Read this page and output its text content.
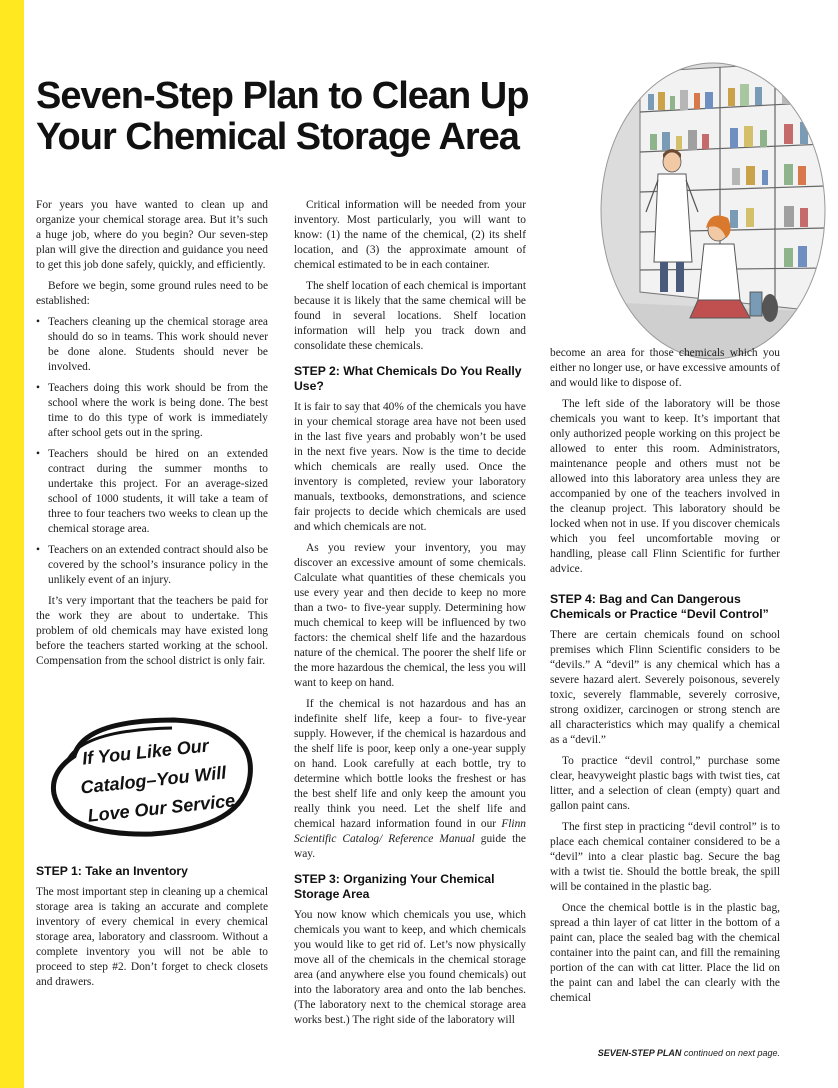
Seven-Step Plan to Clean Up
Your Chemical Storage Area

For years you have wanted to clean up and organize your chemical storage area. But it’s such a huge job, where do you begin? Our seven-step plan will give the direction and guidance you need to get this job done safely, quickly, and efficiently.

Before we begin, some ground rules need to be established:

• Teachers cleaning up the chemical storage area should do so in teams. This work should never be done alone. Students should never be involved.
• Teachers doing this work should be from the school where the work is being done. The best time to do this type of work is immediately after school gets out in the spring.
• Teachers should be hired on an extended contract during the summer months to undertake this project. For an average-sized school of 1000 students, it will take a team of three to four teachers two weeks to clean up the chemical storage area.
• Teachers on an extended contract should also be covered by the school’s insurance policy in the unlikely event of an injury.

It’s very important that the teachers be paid for the work they are about to undertake. This problem of old chemicals may have existed long before the teachers started working at the school. Compensation from the school district is only fair.

If You Like Our
Catalog–You Will
Love Our Service
STEP 1: Take an Inventory

The most important step in cleaning up a chemical storage area is taking an accurate and complete inventory of every chemical in every chemical storage area, laboratory and classroom. Without a complete inventory you will not be able to proceed to step #2. Don’t forget to check closets and drawers.

Critical information will be needed from your inventory. Most particularly, you will want to know: (1) the name of the chemical, (2) its shelf location, and (3) the approximate amount of chemical estimated to be in each container.

The shelf location of each chemical is important because it is likely that the same chemical will be found in several locations. Shelf location information will help you track down and consolidate these chemicals.

STEP 2: What Chemicals Do You Really Use?

It is fair to say that 40% of the chemicals you have in your chemical storage area have not been used in the last five years and probably won’t be used in the next five years. Now is the time to decide which chemicals are really used. Once the inventory is completed, review your laboratory manuals, textbooks, demonstrations, and science fair projects to decide which chemicals are used and which chemicals are not.

As you review your inventory, you may discover an excessive amount of some chemicals. Calculate what quantities of these chemicals you use every year and then decide to keep no more than a two- to five-year supply. Determining how much chemical to keep will be influenced by two factors: the chemical shelf life and the hazardous nature of the chemical. The poorer the shelf life or the more hazardous the chemical, the less you will want to keep on hand.

If the chemical is not hazardous and has an indefinite shelf life, keep a four- to five-year supply. However, if the chemical is hazardous and the shelf life is poor, keep only a one-year supply on hand. Look carefully at each bottle, try to determine which bottle looks the freshest or has the best shelf life and only keep the amount you really think you need. Let the shelf life and chemical hazard information found in our Flinn Scientific Catalog/ Reference Manual guide the way.

STEP 3: Organizing Your Chemical Storage Area

You now know which chemicals you use, which chemicals you want to keep, and which chemicals you would like to get rid of. Let’s now physically move all of the chemicals in the chemical storage area (and anywhere else you found chemicals) out into the laboratory area and onto the lab benches. (The laboratory next to the chemical storage area works best.) The right side of the laboratory will

become an area for those chemicals which you either no longer use, or have excessive amounts of and would like to dispose of.

The left side of the laboratory will be those chemicals you want to keep. It’s important that only authorized people working on this project be allowed to enter this room. Administrators, maintenance people and others must not be allowed into this laboratory area unless they are accompanied by one of the teachers involved in the cleanup project. This laboratory should be locked when not in use. If you discover chemicals which you feel uncomfortable moving or handling, please call Flinn Scientific for further advice.

STEP 4: Bag and Can Dangerous Chemicals or Practice “Devil Control”

There are certain chemicals found on school premises which Flinn Scientific considers to be “devils.” A “devil” is any chemical which has a severe hazard alert. Severely poisonous, severely toxic, severely flammable, severely corrosive, strong oxidizer, carcinogen or strong stench are all characteristics which may qualify a chemical as a “devil.”

To practice “devil control,” purchase some clear, heavyweight plastic bags with twist ties, cat litter, and a selection of clean (empty) quart and gallon paint cans.

The first step in practicing “devil control” is to place each chemical container considered to be a “devil” into a clear plastic bag. Secure the bag with a twist tie. Should the bottle break, the spill will be contained in the plastic bag.

Once the chemical bottle is in the plastic bag, spread a thin layer of cat litter in the bottom of a paint can, place the sealed bag with the chemical container into the paint can, and fill the remaining portion of the can with cat litter. Place the lid on the paint can and label the can clearly with the chemical

SEVEN-STEP PLAN continued on next page.
